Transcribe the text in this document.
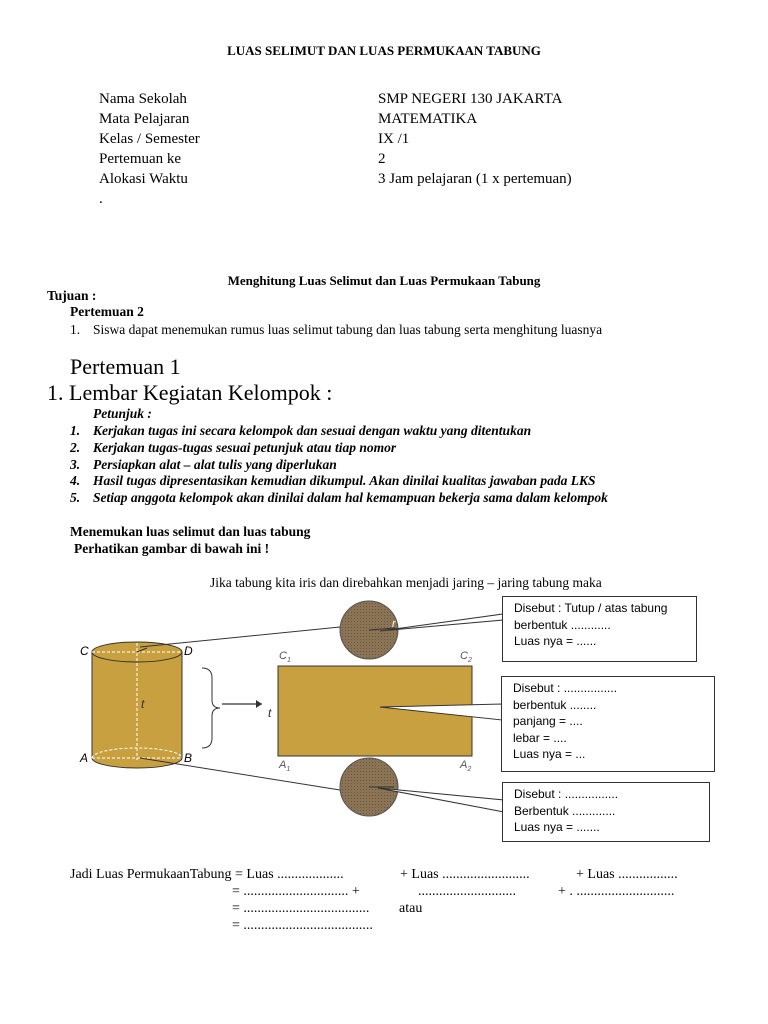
LUAS SELIMUT DAN LUAS PERMUKAAN TABUNG
Nama Sekolah	SMP NEGERI 130 JAKARTA
Mata Pelajaran	MATEMATIKA
Kelas / Semester	IX /1
Pertemuan ke	2
Alokasi Waktu	3 Jam pelajaran (1 x pertemuan)
.
Menghitung Luas Selimut dan Luas Permukaan Tabung
Tujuan :
Pertemuan 2
1. Siswa dapat menemukan rumus luas selimut tabung dan luas tabung serta menghitung luasnya
Pertemuan 1
1. Lembar Kegiatan Kelompok :
Petunjuk :
1. Kerjakan tugas ini secara kelompok dan sesuai dengan waktu yang ditentukan
2. Kerjakan tugas-tugas sesuai petunjuk atau tiap nomor
3. Persiapkan alat – alat tulis yang diperlukan
4. Hasil tugas dipresentasikan kemudian dikumpul. Akan dinilai kualitas jawaban pada LKS
5. Setiap anggota kelompok akan dinilai dalam hal kemampuan bekerja sama dalam kelompok
Menemukan luas selimut dan luas tabung
Perhatikan gambar di bawah ini !
Jika tabung kita iris dan direbahkan menjadi jaring – jaring tabung maka
C	D
A	B
t
t
r
$C_1$	$C_2$
$A_1$	$A_2$
Disebut : Tutup / atas tabung
berbentuk ............
Luas nya = ......
Disebut : ................
berbentuk ........
panjang = ....
lebar = ....
Luas nya = ...
Disebut : ................
Berbentuk .............
Luas nya = .......
Jadi Luas PermukaanTabung = Luas ...................	+ Luas .........................	+ Luas .................
= .............................. +	............................	+ . ............................
= .................................... atau
= .....................................
